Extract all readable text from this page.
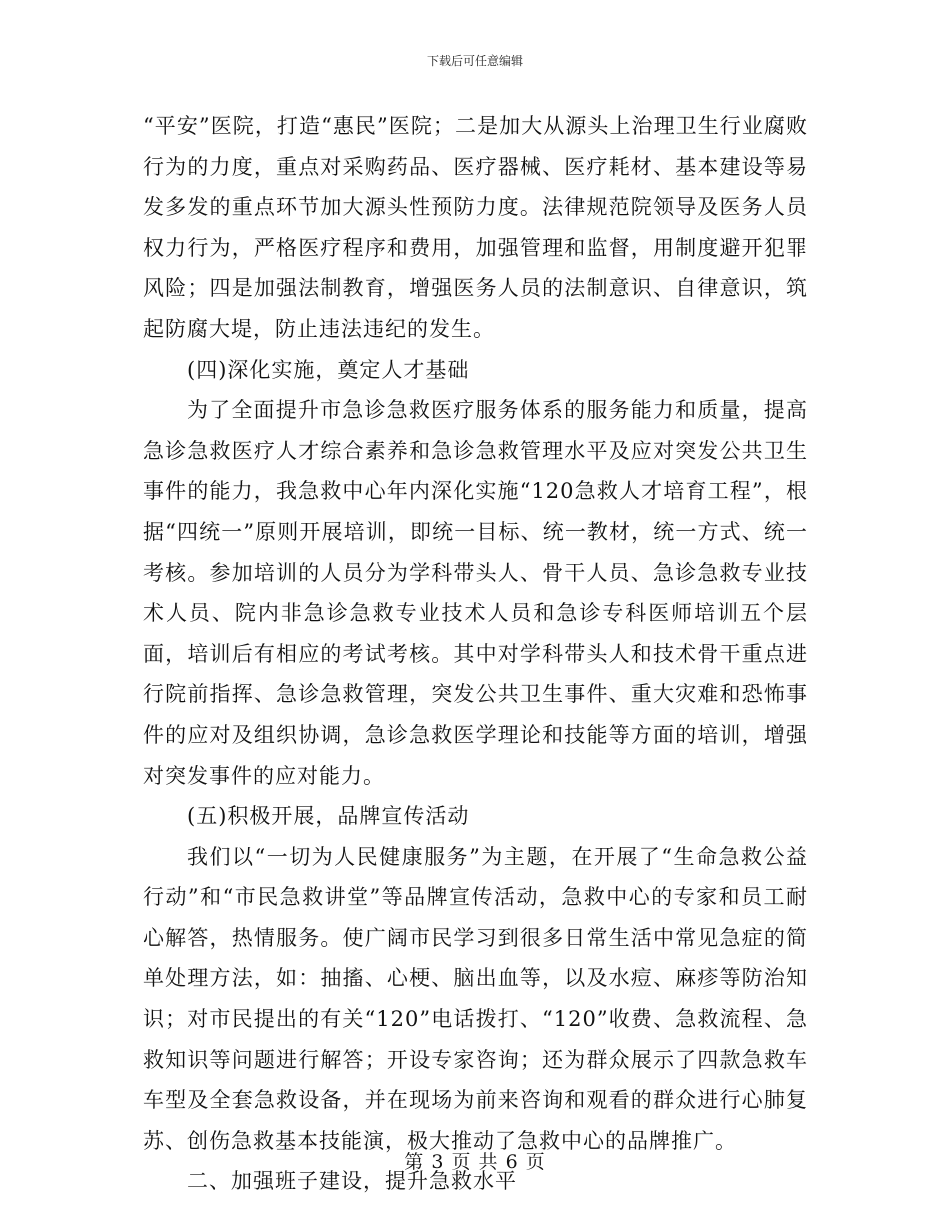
下载后可任意编辑

“平安”医院，打造“惠民”医院；二是加大从源头上治理卫生行业腐败行为的力度，重点对采购药品、医疗器械、医疗耗材、基本建设等易发多发的重点环节加大源头性预防力度。法律规范院领导及医务人员权力行为，严格医疗程序和费用，加强管理和监督，用制度避开犯罪风险；四是加强法制教育，增强医务人员的法制意识、自律意识，筑起防腐大堤，防止违法违纪的发生。

(四)深化实施，奠定人才基础

为了全面提升市急诊急救医疗服务体系的服务能力和质量，提高急诊急救医疗人才综合素养和急诊急救管理水平及应对突发公共卫生事件的能力，我急救中心年内深化实施“120急救人才培育工程”，根据“四统一”原则开展培训，即统一目标、统一教材，统一方式、统一考核。参加培训的人员分为学科带头人、骨干人员、急诊急救专业技术人员、院内非急诊急救专业技术人员和急诊专科医师培训五个层面，培训后有相应的考试考核。其中对学科带头人和技术骨干重点进行院前指挥、急诊急救管理，突发公共卫生事件、重大灾难和恐怖事件的应对及组织协调，急诊急救医学理论和技能等方面的培训，增强对突发事件的应对能力。

(五)积极开展，品牌宣传活动

我们以“一切为人民健康服务”为主题，在开展了“生命急救公益行动”和“市民急救讲堂”等品牌宣传活动，急救中心的专家和员工耐心解答，热情服务。使广阔市民学习到很多日常生活中常见急症的简单处理方法，如：抽搐、心梗、脑出血等，以及水痘、麻疹等防治知识；对市民提出的有关“120”电话拨打、“120”收费、急救流程、急救知识等问题进行解答；开设专家咨询；还为群众展示了四款急救车车型及全套急救设备，并在现场为前来咨询和观看的群众进行心肺复苏、创伤急救基本技能演，极大推动了急救中心的品牌推广。

二、加强班子建设，提升急救水平

第 3 页 共 6 页
